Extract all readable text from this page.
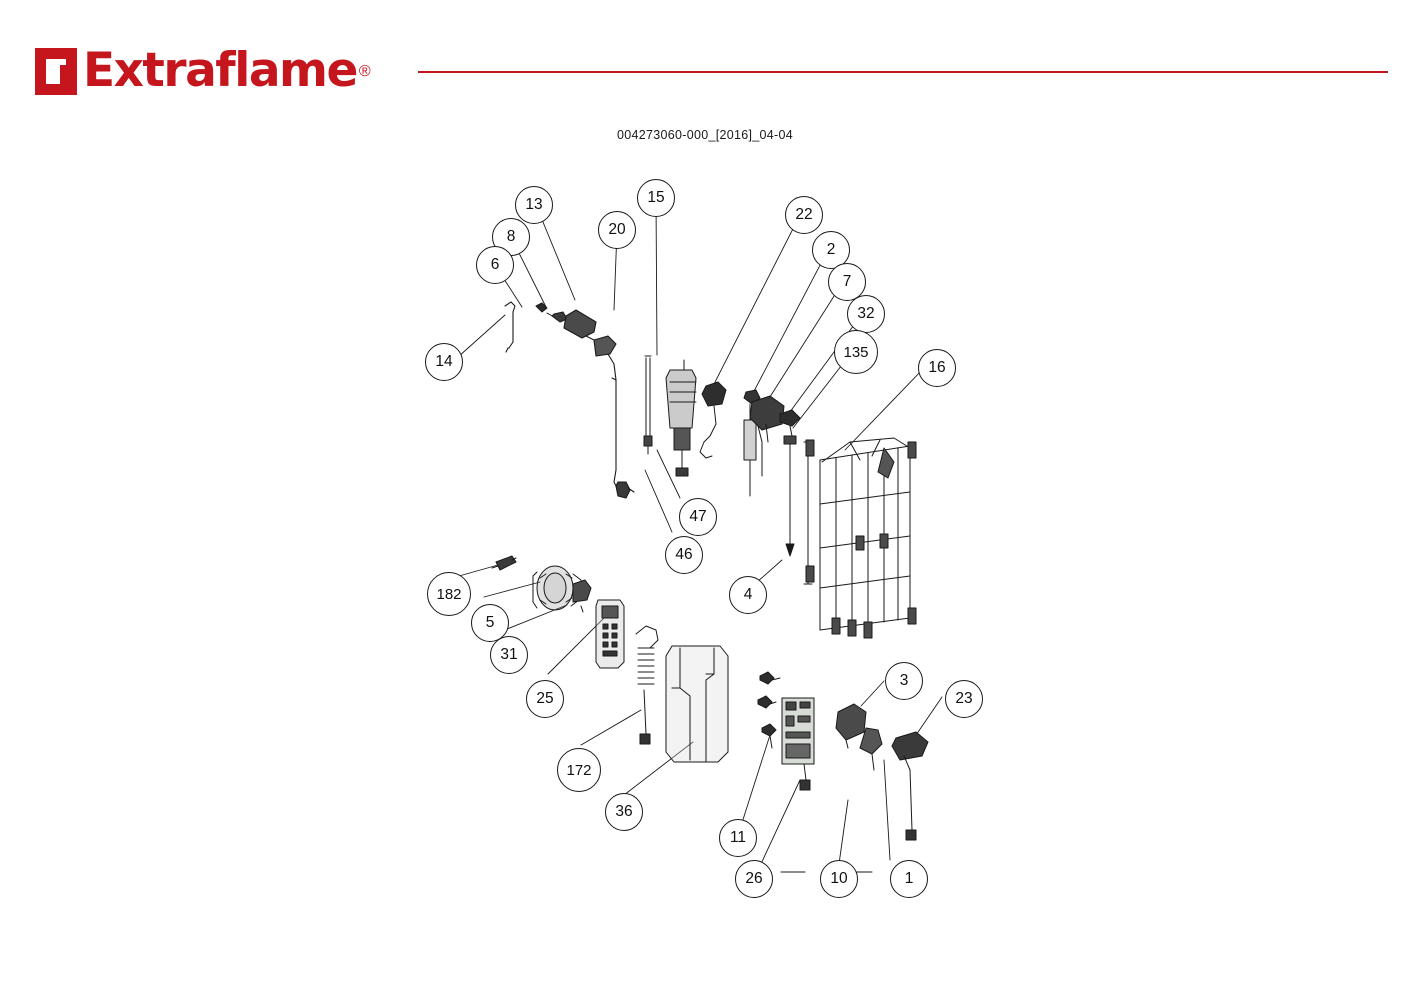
Extraflame ®
004273060-000_[2016]_04-04
13	15
20
22
8
2
6
7
32
135
14	16
47
46
182	4
5
31
25
3
23
172
36
11
26	10	1
